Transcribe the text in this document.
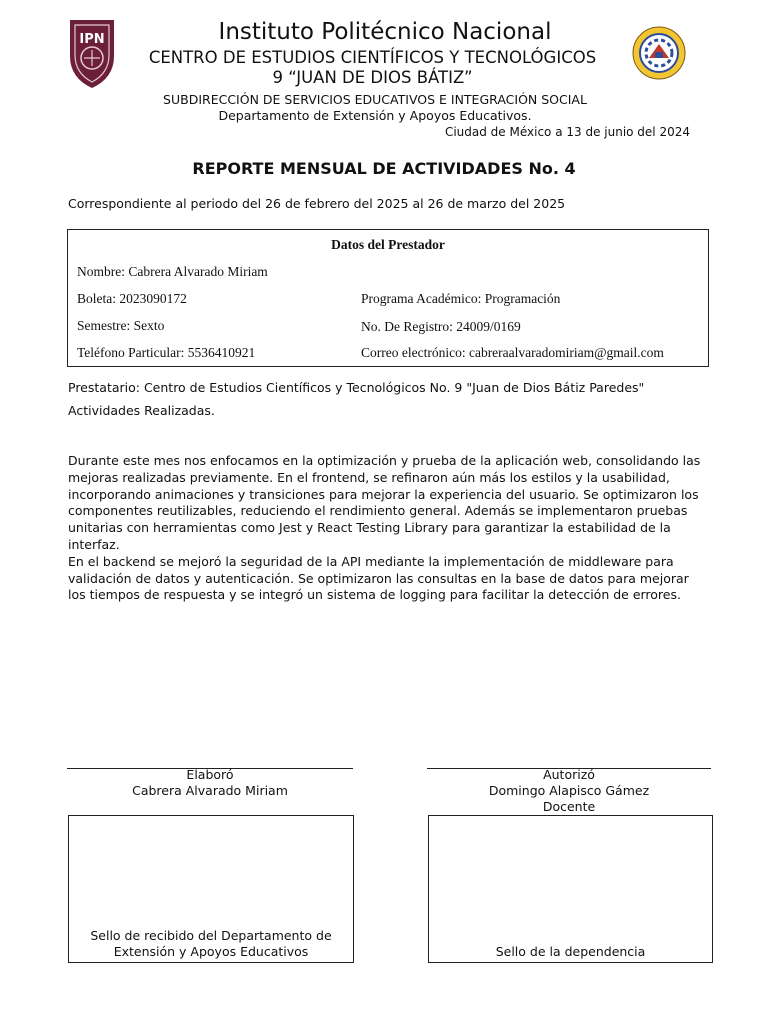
IPN	Instituto Politécnico Nacional
CENTRO DE ESTUDIOS CIENTÍFICOS Y TECNOLÓGICOS
9 “JUAN DE DIOS BÁTIZ”
SUBDIRECCIÓN DE SERVICIOS EDUCATIVOS E INTEGRACIÓN SOCIAL
Departamento de Extensión y Apoyos Educativos.
Ciudad de México a 13 de junio del 2024
REPORTE MENSUAL DE ACTIVIDADES No. 4
Correspondiente al periodo del 26 de febrero del 2025 al 26 de marzo del 2025
Datos del Prestador
Nombre: Cabrera Alvarado Miriam
Boleta: 2023090172	Programa Académico: Programación
Semestre: Sexto	No. De Registro: 24009/0169
Teléfono Particular: 5536410921	Correo electrónico: cabreraalvaradomiriam@gmail.com
Prestatario: Centro de Estudios Científicos y Tecnológicos No. 9 "Juan de Dios Bátiz Paredes"
Actividades Realizadas.

Durante este mes nos enfocamos en la optimización y prueba de la aplicación web, consolidando las mejoras realizadas previamente. En el frontend, se refinaron aún más los estilos y la usabilidad, incorporando animaciones y transiciones para mejorar la experiencia del usuario. Se optimizaron los componentes reutilizables, reduciendo el rendimiento general. Además se implementaron pruebas unitarias con herramientas como Jest y React Testing Library para garantizar la estabilidad de la interfaz.

En el backend se mejoró la seguridad de la API mediante la implementación de middleware para validación de datos y autenticación. Se optimizaron las consultas en la base de datos para mejorar los tiempos de respuesta y se integró un sistema de logging para facilitar la detección de errores.

Elaboró
Cabrera Alvarado Miriam
Autorizó
Domingo Alapisco Gámez
Docente
Sello de recibido del Departamento de
Extensión y Apoyos Educativos	Sello de la dependencia
